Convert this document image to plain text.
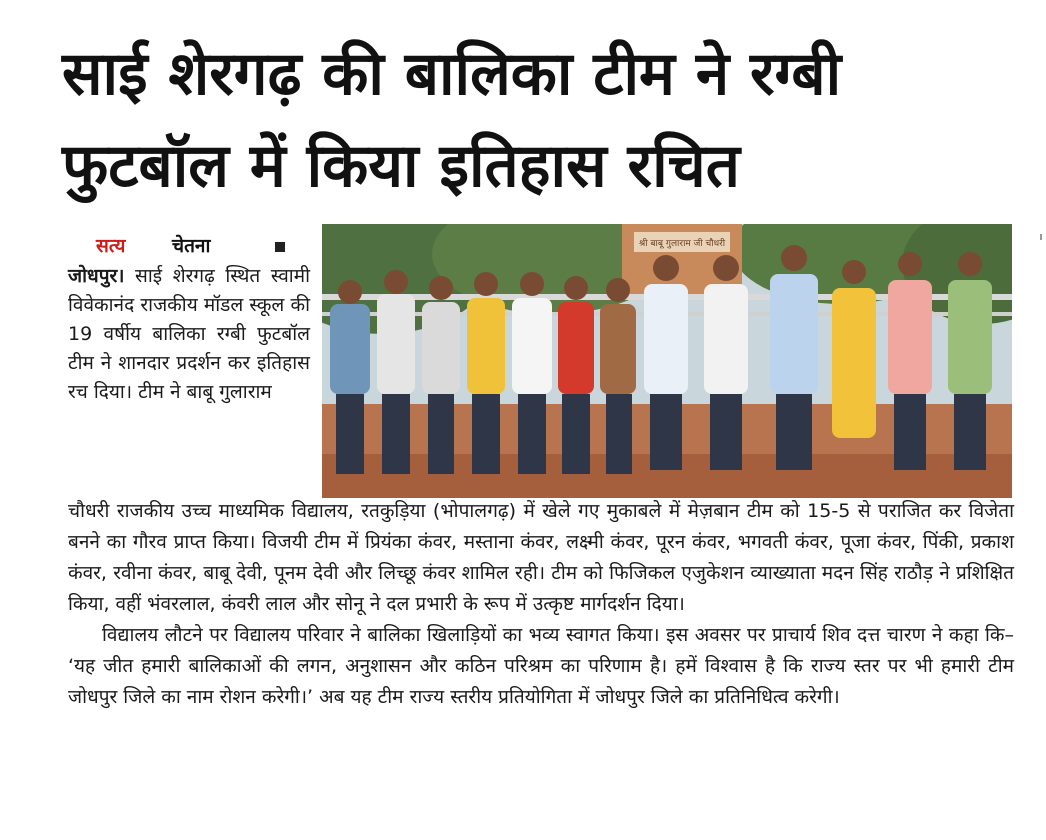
साई शेरगढ़ की बालिका टीम ने रग्बी
फुटबॉल में किया इतिहास रचित
सत्य चेतना
जोधपुर। साई शेरगढ़ स्थित स्वामी विवेकानंद राजकीय मॉडल स्कूल की 19 वर्षीय बालिका रग्बी फुटबॉल टीम ने शानदार प्रदर्शन कर इतिहास रच दिया। टीम ने बाबू गुलाराम
श्री बाबू गुलाराम जी चौधरी

चौधरी राजकीय उच्च माध्यमिक विद्यालय, रतकुड़िया (भोपालगढ़) में खेले गए मुकाबले में मेज़बान टीम को 15-5 से पराजित कर विजेता बनने का गौरव प्राप्त किया। विजयी टीम में प्रियंका कंवर, मस्ताना कंवर, लक्ष्मी कंवर, पूरन कंवर, भगवती कंवर, पूजा कंवर, पिंकी, प्रकाश कंवर, रवीना कंवर, बाबू देवी, पूनम देवी और लिच्छू कंवर शामिल रही। टीम को फिजिकल एजुकेशन व्याख्याता मदन सिंह राठौड़ ने प्रशिक्षित किया, वहीं भंवरलाल, कंवरी लाल और सोनू ने दल प्रभारी के रूप में उत्कृष्ट मार्गदर्शन दिया।

विद्यालय लौटने पर विद्यालय परिवार ने बालिका खिलाड़ियों का भव्य स्वागत किया। इस अवसर पर प्राचार्य शिव दत्त चारण ने कहा कि– ‘यह जीत हमारी बालिकाओं की लगन, अनुशासन और कठिन परिश्रम का परिणाम है। हमें विश्वास है कि राज्य स्तर पर भी हमारी टीम जोधपुर जिले का नाम रोशन करेगी।’ अब यह टीम राज्य स्तरीय प्रतियोगिता में जोधपुर जिले का प्रतिनिधित्व करेगी।
